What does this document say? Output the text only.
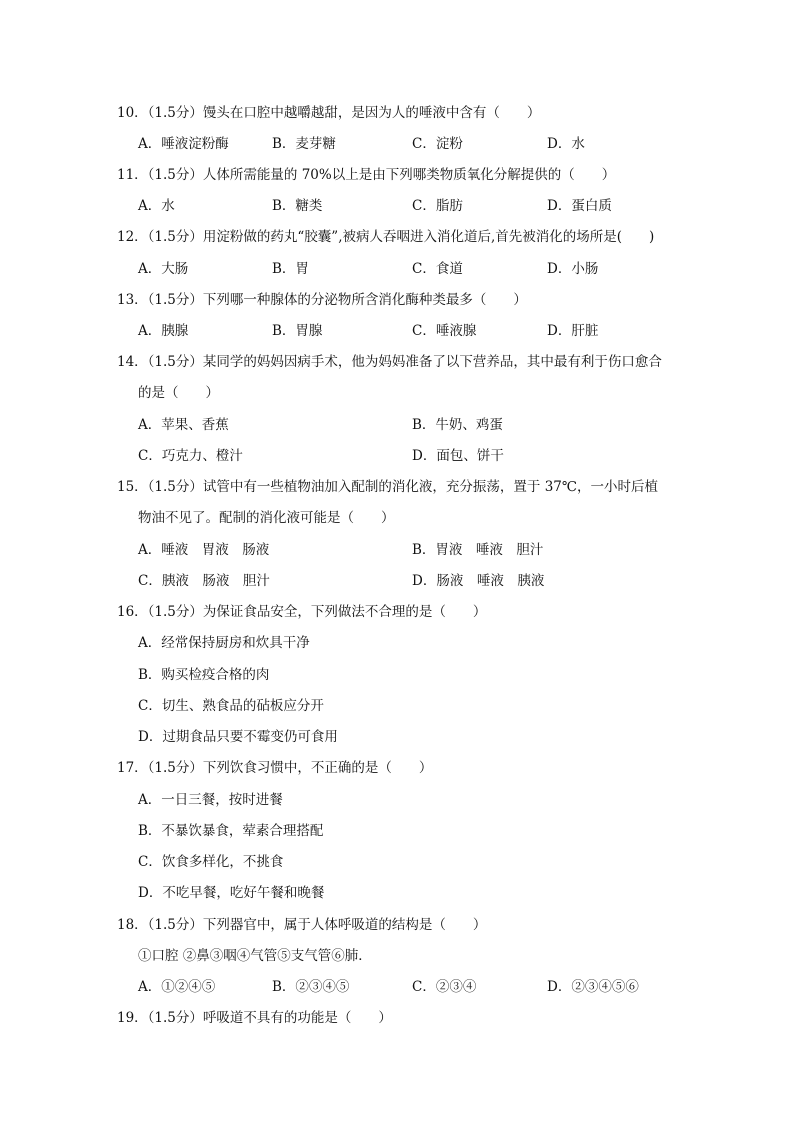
10．（1.5分）馒头在口腔中越嚼越甜，是因为人的唾液中含有（　　）
A．唾液淀粉酶	B．麦芽糖	C．淀粉	D．水
11．（1.5分）人体所需能量的 70%以上是由下列哪类物质氧化分解提供的（　　）
A．水	B．糖类	C．脂肪	D．蛋白质
12．（1.5分）用淀粉做的药丸“胶囊”,被病人吞咽进入消化道后,首先被消化的场所是(　　)
A．大肠	B．胃	C．食道	D．小肠
13．（1.5分）下列哪一种腺体的分泌物所含消化酶种类最多（　　）
A．胰腺	B．胃腺	C．唾液腺	D．肝脏
14．（1.5分）某同学的妈妈因病手术，他为妈妈准备了以下营养品，其中最有利于伤口愈合
的是（　　）
A．苹果、香蕉	B．牛奶、鸡蛋
C．巧克力、橙汁	D．面包、饼干
15．（1.5分）试管中有一些植物油加入配制的消化液，充分振荡，置于 37℃，一小时后植
物油不见了。配制的消化液可能是（　　）
A．唾液　胃液　肠液	B．胃液　唾液　胆汁
C．胰液　肠液　胆汁	D．肠液　唾液　胰液
16．（1.5分）为保证食品安全，下列做法不合理的是（　　）
A．经常保持厨房和炊具干净
B．购买检疫合格的肉
C．切生、熟食品的砧板应分开
D．过期食品只要不霉变仍可食用
17．（1.5分）下列饮食习惯中，不正确的是（　　）
A．一日三餐，按时进餐
B．不暴饮暴食，荤素合理搭配
C．饮食多样化，不挑食
D．不吃早餐，吃好午餐和晚餐
18．（1.5分）下列器官中，属于人体呼吸道的结构是（　　）
①口腔 ②鼻③咽④气管⑤支气管⑥肺．
A．①②④⑤	B．②③④⑤	C．②③④	D．②③④⑤⑥
19．（1.5分）呼吸道不具有的功能是（　　）
